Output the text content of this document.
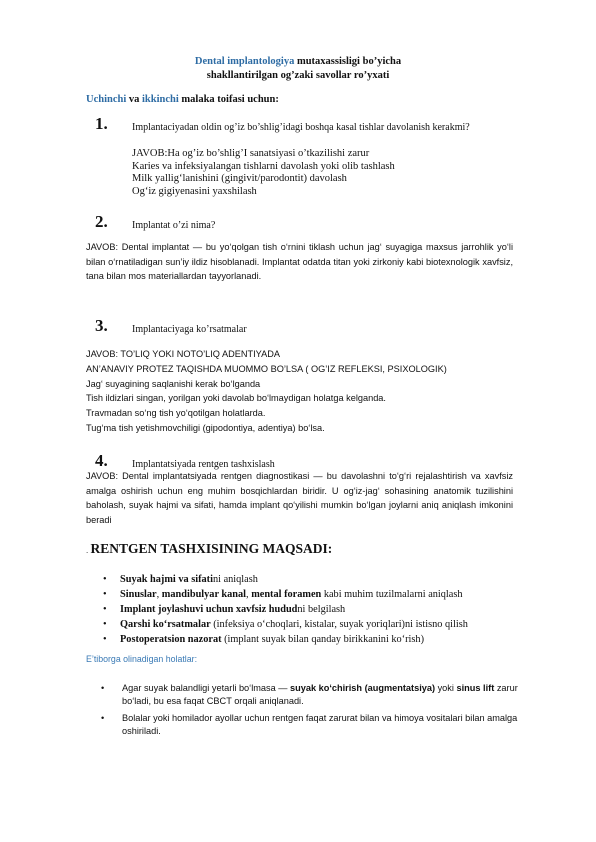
Dental implantologiya mutaxassisligi bo’yicha
shakllantirilgan og’zaki savollar ro’yxati
Uchinchi va ikkinchi malaka toifasi uchun:
1. Implantaciyadan oldin og’iz bo’shlig’idagi boshqa kasal tishlar davolanish kerakmi?
JAVOB:Ha og’iz bo’shlig’I sanatsiyasi o’tkazilishi zarur
Karies va infeksiyalangan tishlarni davolash yoki olib tashlash
Milk yallig‘lanishini (gingivit/parodontit) davolash
Og‘iz gigiyenasini yaxshilash
2. Implantat o’zi nima?
JAVOB: Dental implantat — bu yo‘qolgan tish o‘rnini tiklash uchun jag‘ suyagiga maxsus jarrohlik yo‘li bilan o‘rnatiladigan sun’iy ildiz hisoblanadi. Implantat odatda titan yoki zirkoniy kabi biotexnologik xavfsiz, tana bilan mos materiallardan tayyorlanadi.
3. Implantaciyaga ko’rsatmalar
JAVOB: TO’LIQ YOKI NOTO’LIQ ADENTIYADA
AN’ANAVIY PROTEZ TAQISHDA MUOMMO BO’LSA ( OG’IZ REFLEKSI, PSIXOLOGIK)
Jag‘ suyagining saqlanishi kerak bo‘lganda
Tish ildizlari singan, yorilgan yoki davolab bo‘lmaydigan holatga kelganda.
Travmadan so‘ng tish yo‘qotilgan holatlarda.
Tug‘ma tish yetishmovchiligi (gipodontiya, adentiya) bo‘lsa.
4. Implantatsiyada rentgen tashxislash
JAVOB: Dental implantatsiyada rentgen diagnostikasi — bu davolashni to‘g‘ri rejalashtirish va xavfsiz amalga oshirish uchun eng muhim bosqichlardan biridir. U og‘iz-jag‘ sohasining anatomik tuzilishini baholash, suyak hajmi va sifati, hamda implant qo‘yilishi mumkin bo‘lgan joylarni aniq aniqlash imkonini beradi
. RENTGEN TASHXISINING MAQSADI:
• Suyak hajmi va sifatini aniqlash
• Sinuslar, mandibulyar kanal, mental foramen kabi muhim tuzilmalarni aniqlash
• Implant joylashuvi uchun xavfsiz hududni belgilash
• Qarshi ko‘rsatmalar (infeksiya o‘choqlari, kistalar, suyak yoriqlari)ni istisno qilish
• Postoperatsion nazorat (implant suyak bilan qanday birikkanini ko‘rish)
E’tiborga olinadigan holatlar:
• Agar suyak balandligi yetarli bo‘lmasa — suyak ko‘chirish (augmentatsiya) yoki sinus lift zarur bo‘ladi, bu esa faqat CBCT orqali aniqlanadi.
• Bolalar yoki homilador ayollar uchun rentgen faqat zarurat bilan va himoya vositalari bilan amalga oshiriladi.
